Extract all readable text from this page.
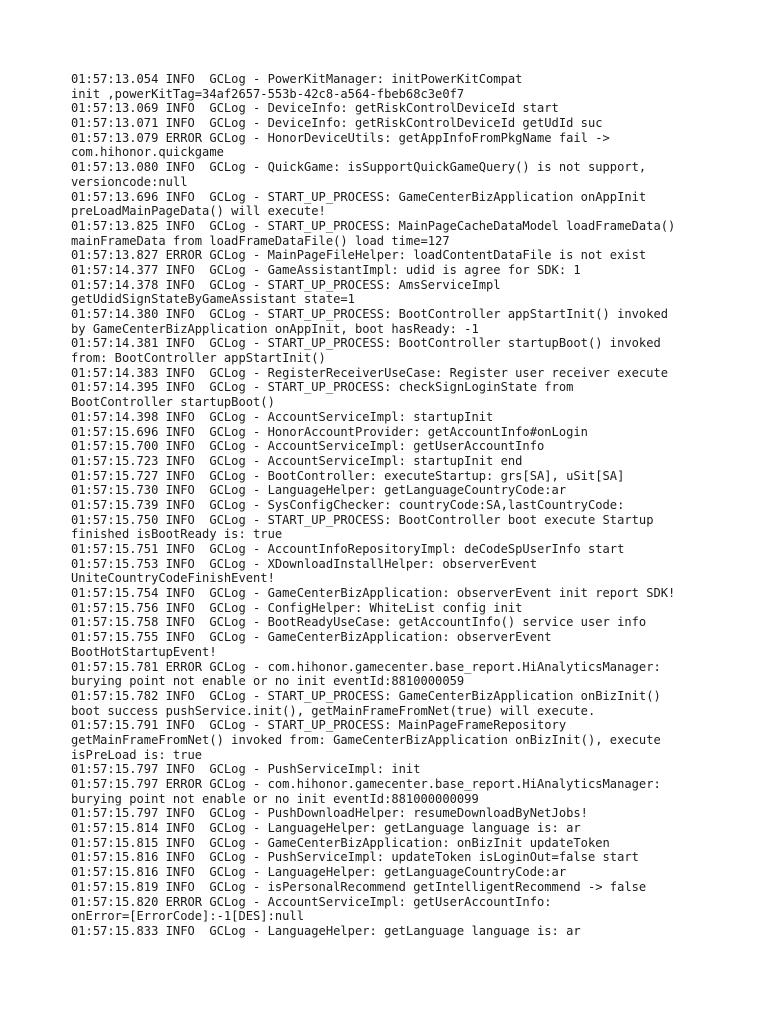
01:57:13.054 INFO  GCLog - PowerKitManager: initPowerKitCompat
init ,powerKitTag=34af2657-553b-42c8-a564-fbeb68c3e0f7
01:57:13.069 INFO  GCLog - DeviceInfo: getRiskControlDeviceId start
01:57:13.071 INFO  GCLog - DeviceInfo: getRiskControlDeviceId getUdId suc
01:57:13.079 ERROR GCLog - HonorDeviceUtils: getAppInfoFromPkgName fail ->
com.hihonor.quickgame
01:57:13.080 INFO  GCLog - QuickGame: isSupportQuickGameQuery() is not support,
versioncode:null
01:57:13.696 INFO  GCLog - START_UP_PROCESS: GameCenterBizApplication onAppInit
preLoadMainPageData() will execute!
01:57:13.825 INFO  GCLog - START_UP_PROCESS: MainPageCacheDataModel loadFrameData()
mainFrameData from loadFrameDataFile() load time=127
01:57:13.827 ERROR GCLog - MainPageFileHelper: loadContentDataFile is not exist
01:57:14.377 INFO  GCLog - GameAssistantImpl: udid is agree for SDK: 1
01:57:14.378 INFO  GCLog - START_UP_PROCESS: AmsServiceImpl
getUdidSignStateByGameAssistant state=1
01:57:14.380 INFO  GCLog - START_UP_PROCESS: BootController appStartInit() invoked
by GameCenterBizApplication onAppInit, boot hasReady: -1
01:57:14.381 INFO  GCLog - START_UP_PROCESS: BootController startupBoot() invoked
from: BootController appStartInit()
01:57:14.383 INFO  GCLog - RegisterReceiverUseCase: Register user receiver execute
01:57:14.395 INFO  GCLog - START_UP_PROCESS: checkSignLoginState from
BootController startupBoot()
01:57:14.398 INFO  GCLog - AccountServiceImpl: startupInit
01:57:15.696 INFO  GCLog - HonorAccountProvider: getAccountInfo#onLogin
01:57:15.700 INFO  GCLog - AccountServiceImpl: getUserAccountInfo
01:57:15.723 INFO  GCLog - AccountServiceImpl: startupInit end
01:57:15.727 INFO  GCLog - BootController: executeStartup: grs[SA], uSit[SA]
01:57:15.730 INFO  GCLog - LanguageHelper: getLanguageCountryCode:ar
01:57:15.739 INFO  GCLog - SysConfigChecker: countryCode:SA,lastCountryCode:
01:57:15.750 INFO  GCLog - START_UP_PROCESS: BootController boot execute Startup
finished isBootReady is: true
01:57:15.751 INFO  GCLog - AccountInfoRepositoryImpl: deCodeSpUserInfo start
01:57:15.753 INFO  GCLog - XDownloadInstallHelper: observerEvent
UniteCountryCodeFinishEvent!
01:57:15.754 INFO  GCLog - GameCenterBizApplication: observerEvent init report SDK!
01:57:15.756 INFO  GCLog - ConfigHelper: WhiteList config init
01:57:15.758 INFO  GCLog - BootReadyUseCase: getAccountInfo() service user info
01:57:15.755 INFO  GCLog - GameCenterBizApplication: observerEvent
BootHotStartupEvent!
01:57:15.781 ERROR GCLog - com.hihonor.gamecenter.base_report.HiAnalyticsManager:
burying point not enable or no init eventId:8810000059
01:57:15.782 INFO  GCLog - START_UP_PROCESS: GameCenterBizApplication onBizInit()
boot success pushService.init(), getMainFrameFromNet(true) will execute.
01:57:15.791 INFO  GCLog - START_UP_PROCESS: MainPageFrameRepository
getMainFrameFromNet() invoked from: GameCenterBizApplication onBizInit(), execute
isPreLoad is: true
01:57:15.797 INFO  GCLog - PushServiceImpl: init
01:57:15.797 ERROR GCLog - com.hihonor.gamecenter.base_report.HiAnalyticsManager:
burying point not enable or no init eventId:881000000099
01:57:15.797 INFO  GCLog - PushDownloadHelper: resumeDownloadByNetJobs!
01:57:15.814 INFO  GCLog - LanguageHelper: getLanguage language is: ar
01:57:15.815 INFO  GCLog - GameCenterBizApplication: onBizInit updateToken
01:57:15.816 INFO  GCLog - PushServiceImpl: updateToken isLoginOut=false start
01:57:15.816 INFO  GCLog - LanguageHelper: getLanguageCountryCode:ar
01:57:15.819 INFO  GCLog - isPersonalRecommend getIntelligentRecommend -> false
01:57:15.820 ERROR GCLog - AccountServiceImpl: getUserAccountInfo:
onError=[ErrorCode]:-1[DES]:null
01:57:15.833 INFO  GCLog - LanguageHelper: getLanguage language is: ar
